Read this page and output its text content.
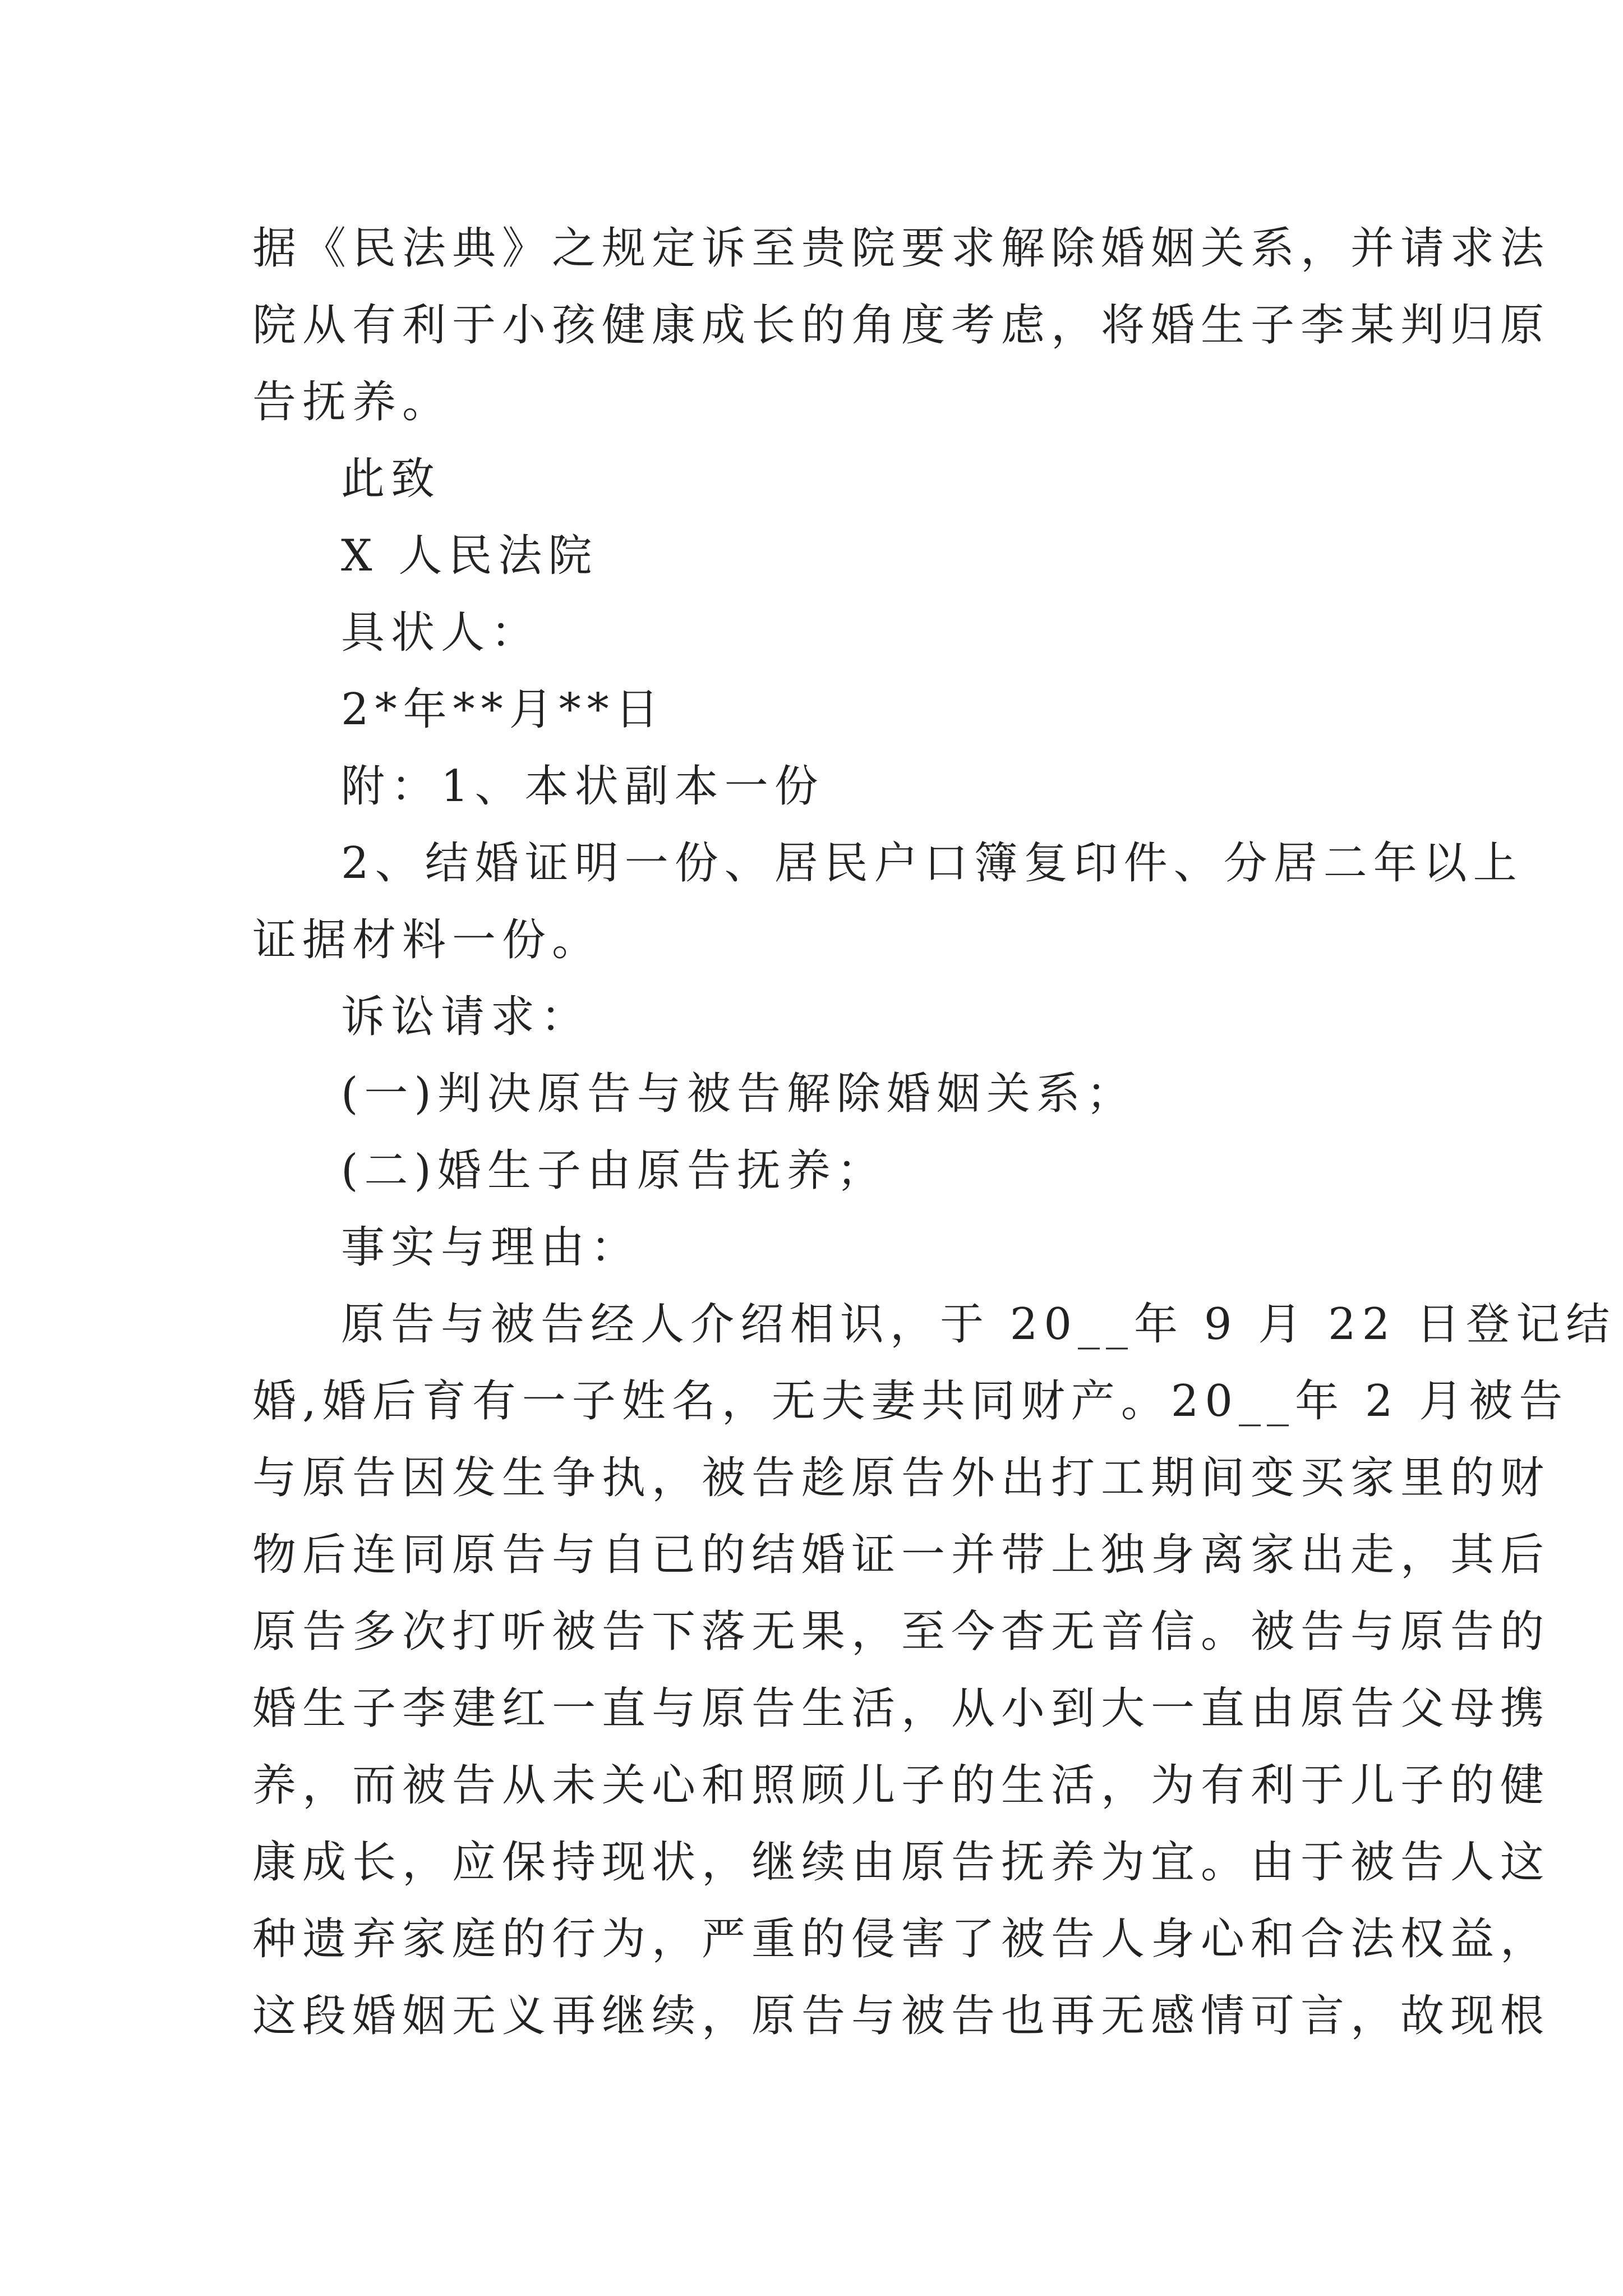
据《民法典》之规定诉至贵院要求解除婚姻关系，并请求法
院从有利于小孩健康成长的角度考虑，将婚生子李某判归原
告抚养。
此致
X 人民法院
具状人：
2*年**月**日
附：1、本状副本一份
2、结婚证明一份、居民户口簿复印件、分居二年以上
证据材料一份。
诉讼请求：
(一)判决原告与被告解除婚姻关系；
(二)婚生子由原告抚养；
事实与理由：
原告与被告经人介绍相识，于 20__年 9 月 22 日登记结
婚,婚后育有一子姓名，无夫妻共同财产。20__年 2 月被告
与原告因发生争执，被告趁原告外出打工期间变买家里的财
物后连同原告与自已的结婚证一并带上独身离家出走，其后
原告多次打听被告下落无果，至今杳无音信。被告与原告的
婚生子李建红一直与原告生活，从小到大一直由原告父母携
养，而被告从未关心和照顾儿子的生活，为有利于儿子的健
康成长，应保持现状，继续由原告抚养为宜。由于被告人这
种遗弃家庭的行为，严重的侵害了被告人身心和合法权益，
这段婚姻无义再继续，原告与被告也再无感情可言，故现根
